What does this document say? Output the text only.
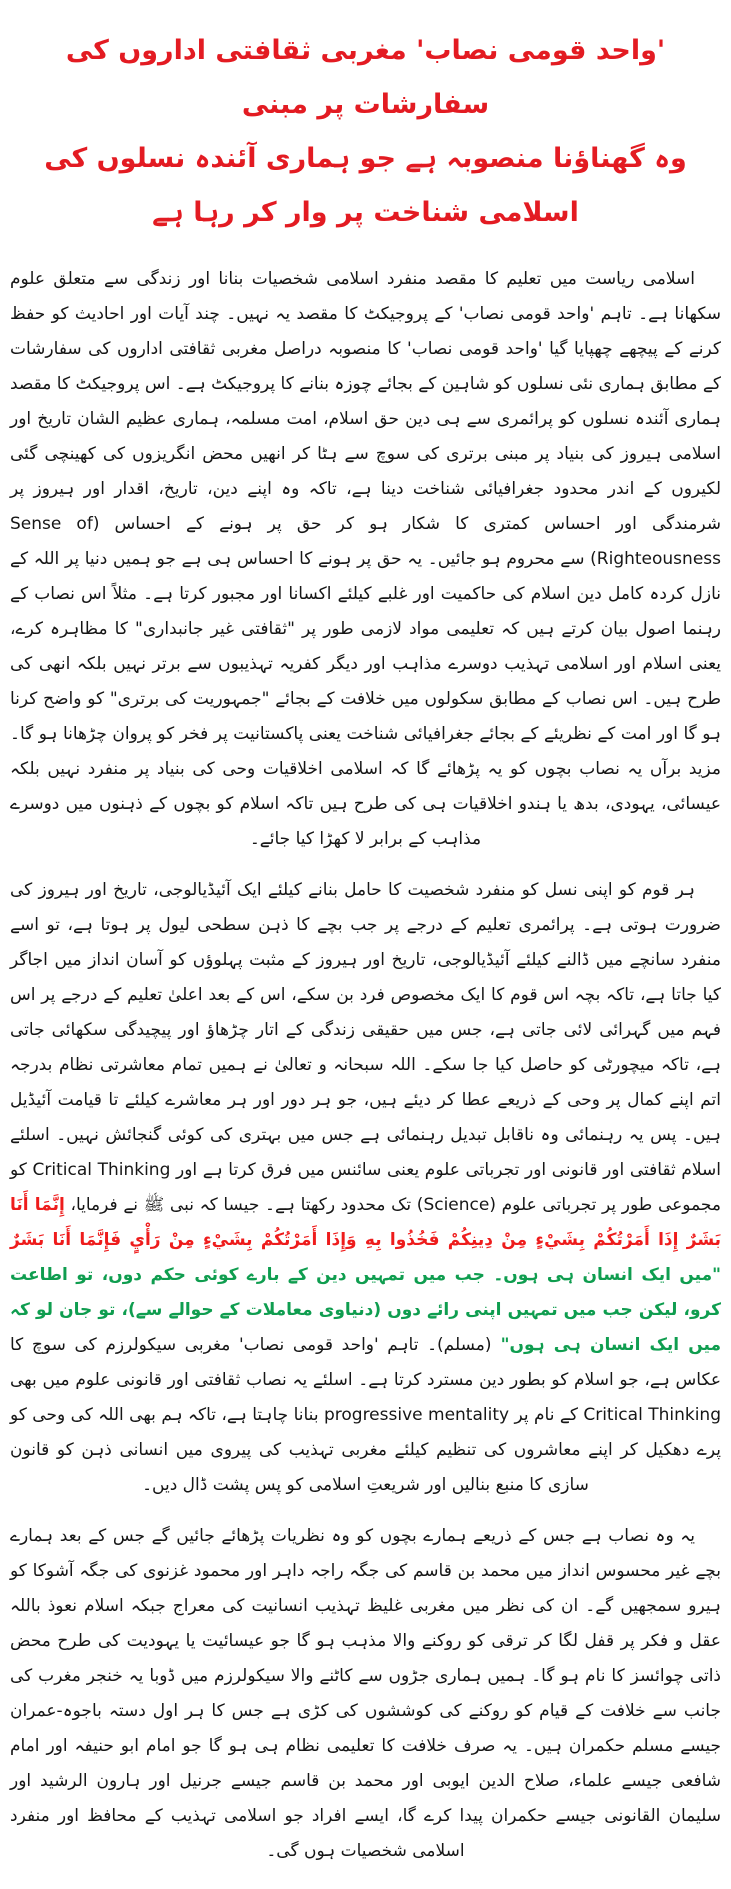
'واحد قومی نصاب' مغربی ثقافتی اداروں کی سفارشات پر مبنی
وہ گھناؤنا منصوبہ ہے جو ہماری آئندہ نسلوں کی اسلامی شناخت پر وار کر رہا ہے

اسلامی ریاست میں تعلیم کا مقصد منفرد اسلامی شخصیات بنانا اور زندگی سے متعلق علوم سکھانا ہے۔ تاہم 'واحد قومی نصاب' کے پروجیکٹ کا مقصد یہ نہیں۔ چند آیات اور احادیث کو حفظ کرنے کے پیچھے چھپایا گیا 'واحد قومی نصاب' کا منصوبہ دراصل مغربی ثقافتی اداروں کی سفارشات کے مطابق ہماری نئی نسلوں کو شاہین کے بجائے چوزہ بنانے کا پروجیکٹ ہے۔ اس پروجیکٹ کا مقصد ہماری آئندہ نسلوں کو پرائمری سے ہی دین حق اسلام، امت مسلمہ، ہماری عظیم الشان تاریخ اور اسلامی ہیروز کی بنیاد پر مبنی برتری کی سوچ سے ہٹا کر انھیں محض انگریزوں کی کھینچی گئی لکیروں کے اندر محدود جغرافیائی شناخت دینا ہے، تاکہ وہ اپنے دین، تاریخ، اقدار اور ہیروز پر شرمندگی اور احساس کمتری کا شکار ہو کر حق پر ہونے کے احساس (Sense of Righteousness) سے محروم ہو جائیں۔ یہ حق پر ہونے کا احساس ہی ہے جو ہمیں دنیا پر اللہ کے نازل کردہ کامل دین اسلام کی حاکمیت اور غلبے کیلئے اکسانا اور مجبور کرتا ہے۔ مثلاً اس نصاب کے رہنما اصول بیان کرتے ہیں کہ تعلیمی مواد لازمی طور پر "ثقافتی غیر جانبداری" کا مظاہرہ کرے، یعنی اسلام اور اسلامی تہذیب دوسرے مذاہب اور دیگر کفریہ تہذیبوں سے برتر نہیں بلکہ انھی کی طرح ہیں۔ اس نصاب کے مطابق سکولوں میں خلافت کے بجائے "جمہوریت کی برتری" کو واضح کرنا ہو گا اور امت کے نظریئے کے بجائے جغرافیائی شناخت یعنی پاکستانیت پر فخر کو پروان چڑھانا ہو گا۔ مزید برآں یہ نصاب بچوں کو یہ پڑھائے گا کہ اسلامی اخلاقیات وحی کی بنیاد پر منفرد نہیں بلکہ عیسائی، یہودی، بدھ یا ہندو اخلاقیات ہی کی طرح ہیں تاکہ اسلام کو بچوں کے ذہنوں میں دوسرے مذاہب کے برابر لا کھڑا کیا جائے۔

ہر قوم کو اپنی نسل کو منفرد شخصیت کا حامل بنانے کیلئے ایک آئیڈیالوجی، تاریخ اور ہیروز کی ضرورت ہوتی ہے۔ پرائمری تعلیم کے درجے پر جب بچے کا ذہن سطحی لیول پر ہوتا ہے، تو اسے منفرد سانچے میں ڈالنے کیلئے آئیڈیالوجی، تاریخ اور ہیروز کے مثبت پہلوؤں کو آسان انداز میں اجاگر کیا جاتا ہے، تاکہ بچہ اس قوم کا ایک مخصوص فرد بن سکے، اس کے بعد اعلیٰ تعلیم کے درجے پر اس فہم میں گہرائی لائی جاتی ہے، جس میں حقیقی زندگی کے اتار چڑھاؤ اور پیچیدگی سکھائی جاتی ہے، تاکہ میچورٹی کو حاصل کیا جا سکے۔ اللہ سبحانہ و تعالیٰ نے ہمیں تمام معاشرتی نظام بدرجہ اتم اپنے کمال پر وحی کے ذریعے عطا کر دیئے ہیں، جو ہر دور اور ہر معاشرے کیلئے تا قیامت آئیڈیل ہیں۔ پس یہ رہنمائی وہ ناقابل تبدیل رہنمائی ہے جس میں بہتری کی کوئی گنجائش نہیں۔ اسلئے اسلام ثقافتی اور قانونی اور تجرباتی علوم یعنی سائنس میں فرق کرتا ہے اور Critical Thinking کو مجموعی طور پر تجرباتی علوم (Science) تک محدود رکھتا ہے۔ جیسا کہ نبی ﷺ نے فرمایا، إِنَّمَا أَنَا بَشَرٌ إِذَا أَمَرْتُكُمْ بِشَيْءٍ مِنْ دِينِكُمْ فَخُذُوا بِهِ وَإِذَا أَمَرْتُكُمْ بِشَيْءٍ مِنْ رَأْيٍ فَإِنَّمَا أَنَا بَشَرٌ "میں ایک انسان ہی ہوں۔ جب میں تمہیں دین کے بارے کوئی حکم دوں، تو اطاعت کرو، لیکن جب میں تمہیں اپنی رائے دوں (دنیاوی معاملات کے حوالے سے)، تو جان لو کہ میں ایک انسان ہی ہوں" (مسلم)۔ تاہم 'واحد قومی نصاب' مغربی سیکولرزم کی سوچ کا عکاس ہے، جو اسلام کو بطور دین مسترد کرتا ہے۔ اسلئے یہ نصاب ثقافتی اور قانونی علوم میں بھی Critical Thinking کے نام پر progressive mentality بنانا چاہتا ہے، تاکہ ہم بھی اللہ کی وحی کو پرے دھکیل کر اپنے معاشروں کی تنظیم کیلئے مغربی تہذیب کی پیروی میں انسانی ذہن کو قانون سازی کا منبع بنالیں اور شریعتِ اسلامی کو پس پشت ڈال دیں۔

یہ وہ نصاب ہے جس کے ذریعے ہمارے بچوں کو وہ نظریات پڑھائے جائیں گے جس کے بعد ہمارے بچے غیر محسوس انداز میں محمد بن قاسم کی جگہ راجہ داہر اور محمود غزنوی کی جگہ آشوکا کو ہیرو سمجھیں گے۔ ان کی نظر میں مغربی غلیظ تہذیب انسانیت کی معراج جبکہ اسلام نعوذ باللہ عقل و فکر پر قفل لگا کر ترقی کو روکنے والا مذہب ہو گا جو عیسائیت یا یہودیت کی طرح محض ذاتی چوائسز کا نام ہو گا۔ ہمیں ہماری جڑوں سے کاٹنے والا سیکولرزم میں ڈوبا یہ خنجر مغرب کی جانب سے خلافت کے قیام کو روکنے کی کوششوں کی کڑی ہے جس کا ہر اول دستہ باجوہ-عمران جیسے مسلم حکمران ہیں۔ یہ صرف خلافت کا تعلیمی نظام ہی ہو گا جو امام ابو حنیفہ اور امام شافعی جیسے علماء، صلاح الدین ایوبی اور محمد بن قاسم جیسے جرنیل اور ہارون الرشید اور سلیمان القانونی جیسے حکمران پیدا کرے گا، ایسے افراد جو اسلامی تہذیب کے محافظ اور منفرد اسلامی شخصیات ہوں گی۔
